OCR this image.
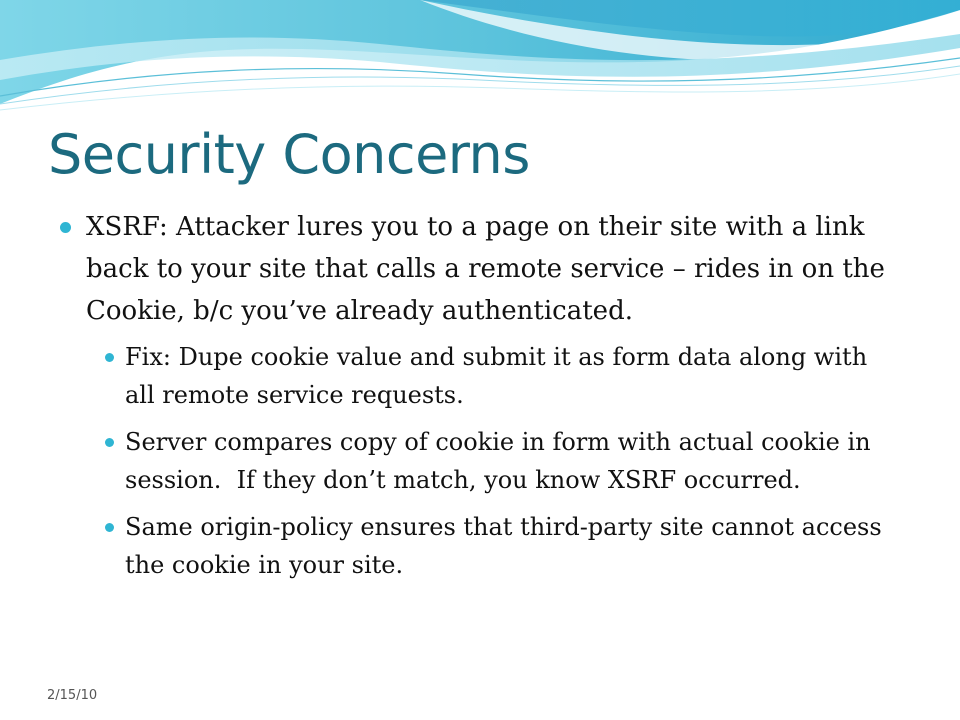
Security Concerns
XSRF: Attacker lures you to a page on their site with a link back to your site that calls a remote service – rides in on the Cookie, b/c you’ve already authenticated.
Fix: Dupe cookie value and submit it as form data along with all remote service requests.
Server compares copy of cookie in form with actual cookie in session.  If they don’t match, you know XSRF occurred.
Same origin-policy ensures that third-party site cannot access the cookie in your site.
2/15/10
